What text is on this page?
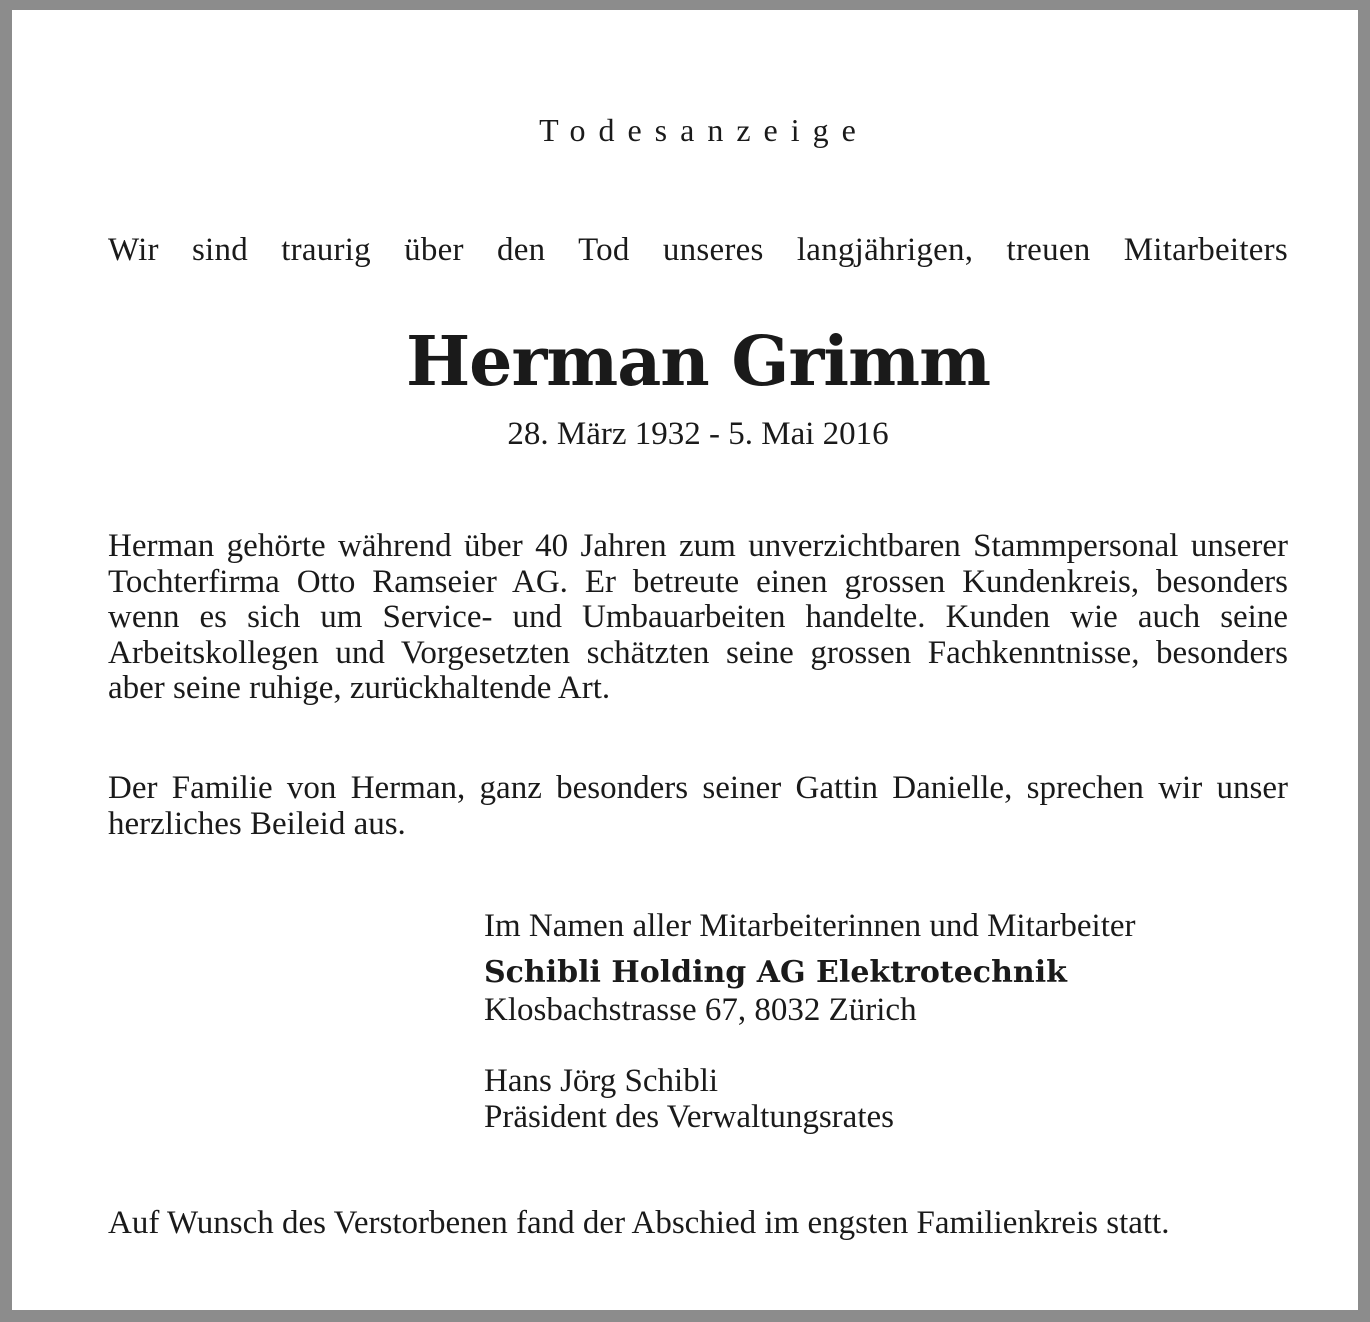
Todesanzeige
Wir sind traurig über den Tod unseres langjährigen, treuen Mitarbeiters
Herman Grimm
28. März 1932 - 5. Mai 2016
Herman gehörte während über 40 Jahren zum unverzichtbaren Stammpersonal unserer Tochterfirma Otto Ramseier AG. Er betreute einen grossen Kundenkreis, besonders wenn es sich um Service- und Umbauarbeiten handelte. Kunden wie auch seine Arbeitskollegen und Vorgesetzten schätzten seine grossen Fachkenntnisse, besonders aber seine ruhige, zurückhaltende Art.
Der Familie von Herman, ganz besonders seiner Gattin Danielle, sprechen wir unser herzliches Beileid aus.
Im Namen aller Mitarbeiterinnen und Mitarbeiter
Schibli Holding AG Elektrotechnik
Klosbachstrasse 67, 8032 Zürich
Hans Jörg Schibli
Präsident des Verwaltungsrates
Auf Wunsch des Verstorbenen fand der Abschied im engsten Familienkreis statt.
